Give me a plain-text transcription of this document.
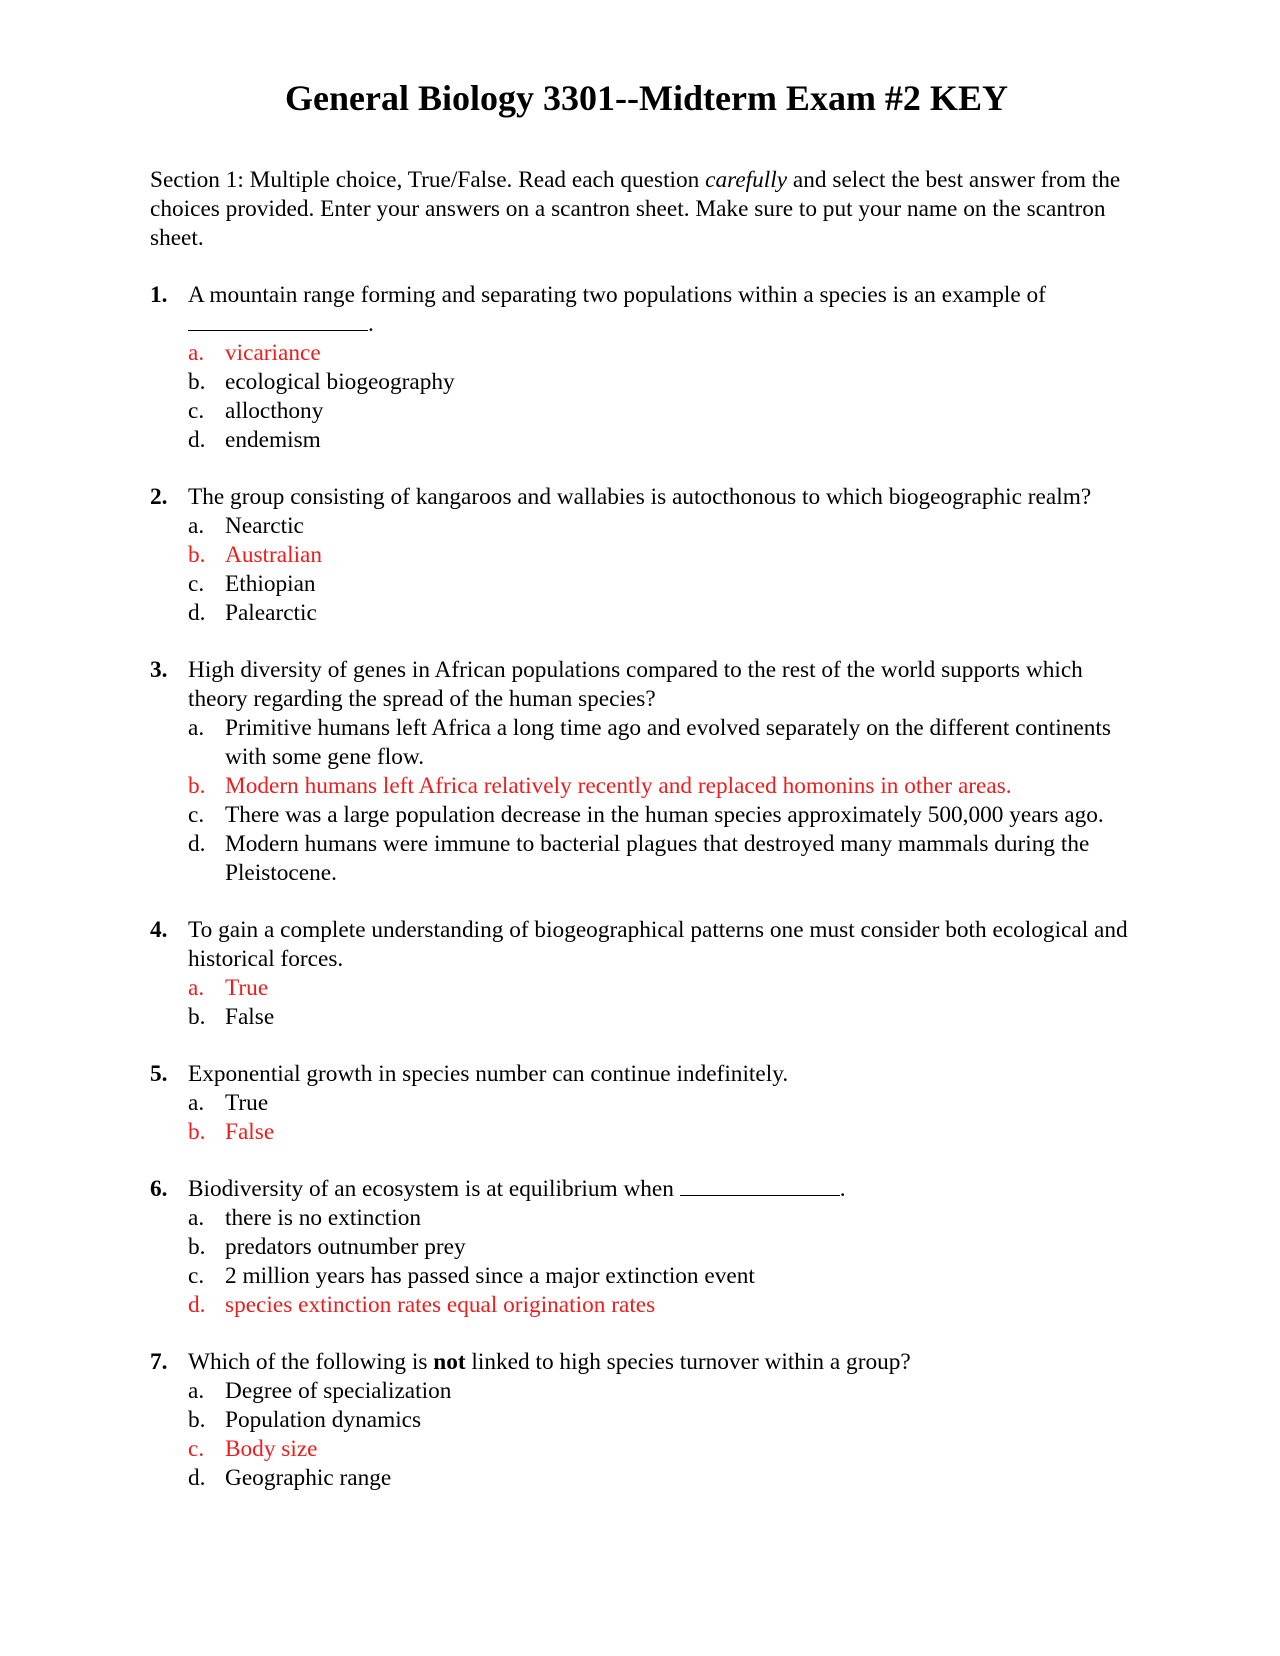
General Biology 3301--Midterm Exam #2 KEY

Section 1: Multiple choice, True/False. Read each question carefully and select the best answer from the choices provided. Enter your answers on a scantron sheet. Make sure to put your name on the scantron sheet.

1. A mountain range forming and separating two populations within a species is an example of .
a. vicariance
b. ecological biogeography
c. allocthony
d. endemism
2. The group consisting of kangaroos and wallabies is autocthonous to which biogeographic realm?
a. Nearctic
b. Australian
c. Ethiopian
d. Palearctic
3. High diversity of genes in African populations compared to the rest of the world supports which theory regarding the spread of the human species?
a. Primitive humans left Africa a long time ago and evolved separately on the different continents with some gene flow.
b. Modern humans left Africa relatively recently and replaced homonins in other areas.
c. There was a large population decrease in the human species approximately 500,000 years ago.
d. Modern humans were immune to bacterial plagues that destroyed many mammals during the Pleistocene.
4. To gain a complete understanding of biogeographical patterns one must consider both ecological and historical forces.
a. True
b. False
5. Exponential growth in species number can continue indefinitely.
a. True
b. False
6. Biodiversity of an ecosystem is at equilibrium when	.
a. there is no extinction
b. predators outnumber prey
c. 2 million years has passed since a major extinction event
d. species extinction rates equal origination rates
7. Which of the following is not linked to high species turnover within a group?
a. Degree of specialization
b. Population dynamics
c. Body size
d. Geographic range
